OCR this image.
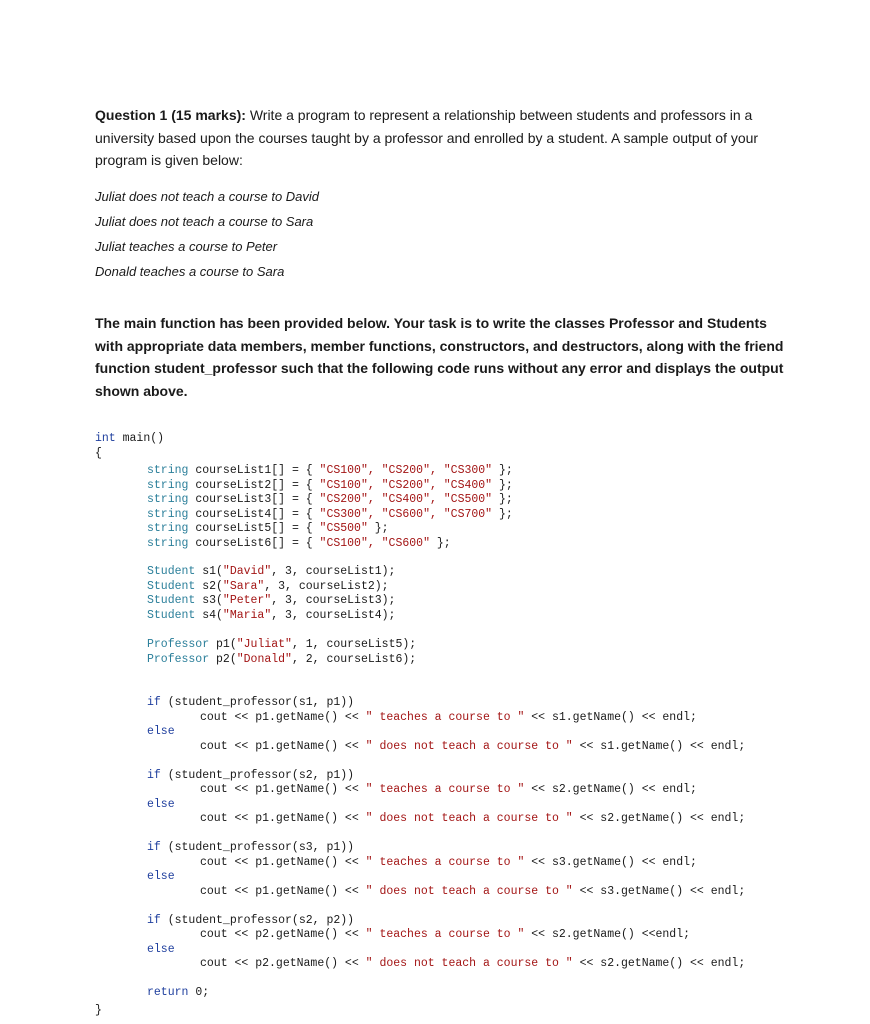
Question 1 (15 marks): Write a program to represent a relationship between students and professors in a university based upon the courses taught by a professor and enrolled by a student. A sample output of your program is given below:
Juliat does not teach a course to David
Juliat does not teach a course to Sara
Juliat teaches a course to Peter
Donald teaches a course to Sara
The main function has been provided below. Your task is to write the classes Professor and Students with appropriate data members, member functions, constructors, and destructors, along with the friend function student_professor such that the following code runs without any error and displays the output shown above.
int main()
{
string courseList1[] = { "CS100", "CS200", "CS300" };
string courseList2[] = { "CS100", "CS200", "CS400" };
string courseList3[] = { "CS200", "CS400", "CS500" };
string courseList4[] = { "CS300", "CS600", "CS700" };
string courseList5[] = { "CS500" };
string courseList6[] = { "CS100", "CS600" };
Student s1("David", 3, courseList1);
Student s2("Sara", 3, courseList2);
Student s3("Peter", 3, courseList3);
Student s4("Maria", 3, courseList4);
Professor p1("Juliat", 1, courseList5);
Professor p2("Donald", 2, courseList6);
if (student_professor(s1, p1))
cout << p1.getName() << " teaches a course to " << s1.getName() << endl;
else
cout << p1.getName() << " does not teach a course to " << s1.getName() << endl;
if (student_professor(s2, p1))
cout << p1.getName() << " teaches a course to " << s2.getName() << endl;
else
cout << p1.getName() << " does not teach a course to " << s2.getName() << endl;
if (student_professor(s3, p1))
cout << p1.getName() << " teaches a course to " << s3.getName() << endl;
else
cout << p1.getName() << " does not teach a course to " << s3.getName() << endl;
if (student_professor(s2, p2))
cout << p2.getName() << " teaches a course to " << s2.getName() <<endl;
else
cout << p2.getName() << " does not teach a course to " << s2.getName() << endl;
return 0;
}
